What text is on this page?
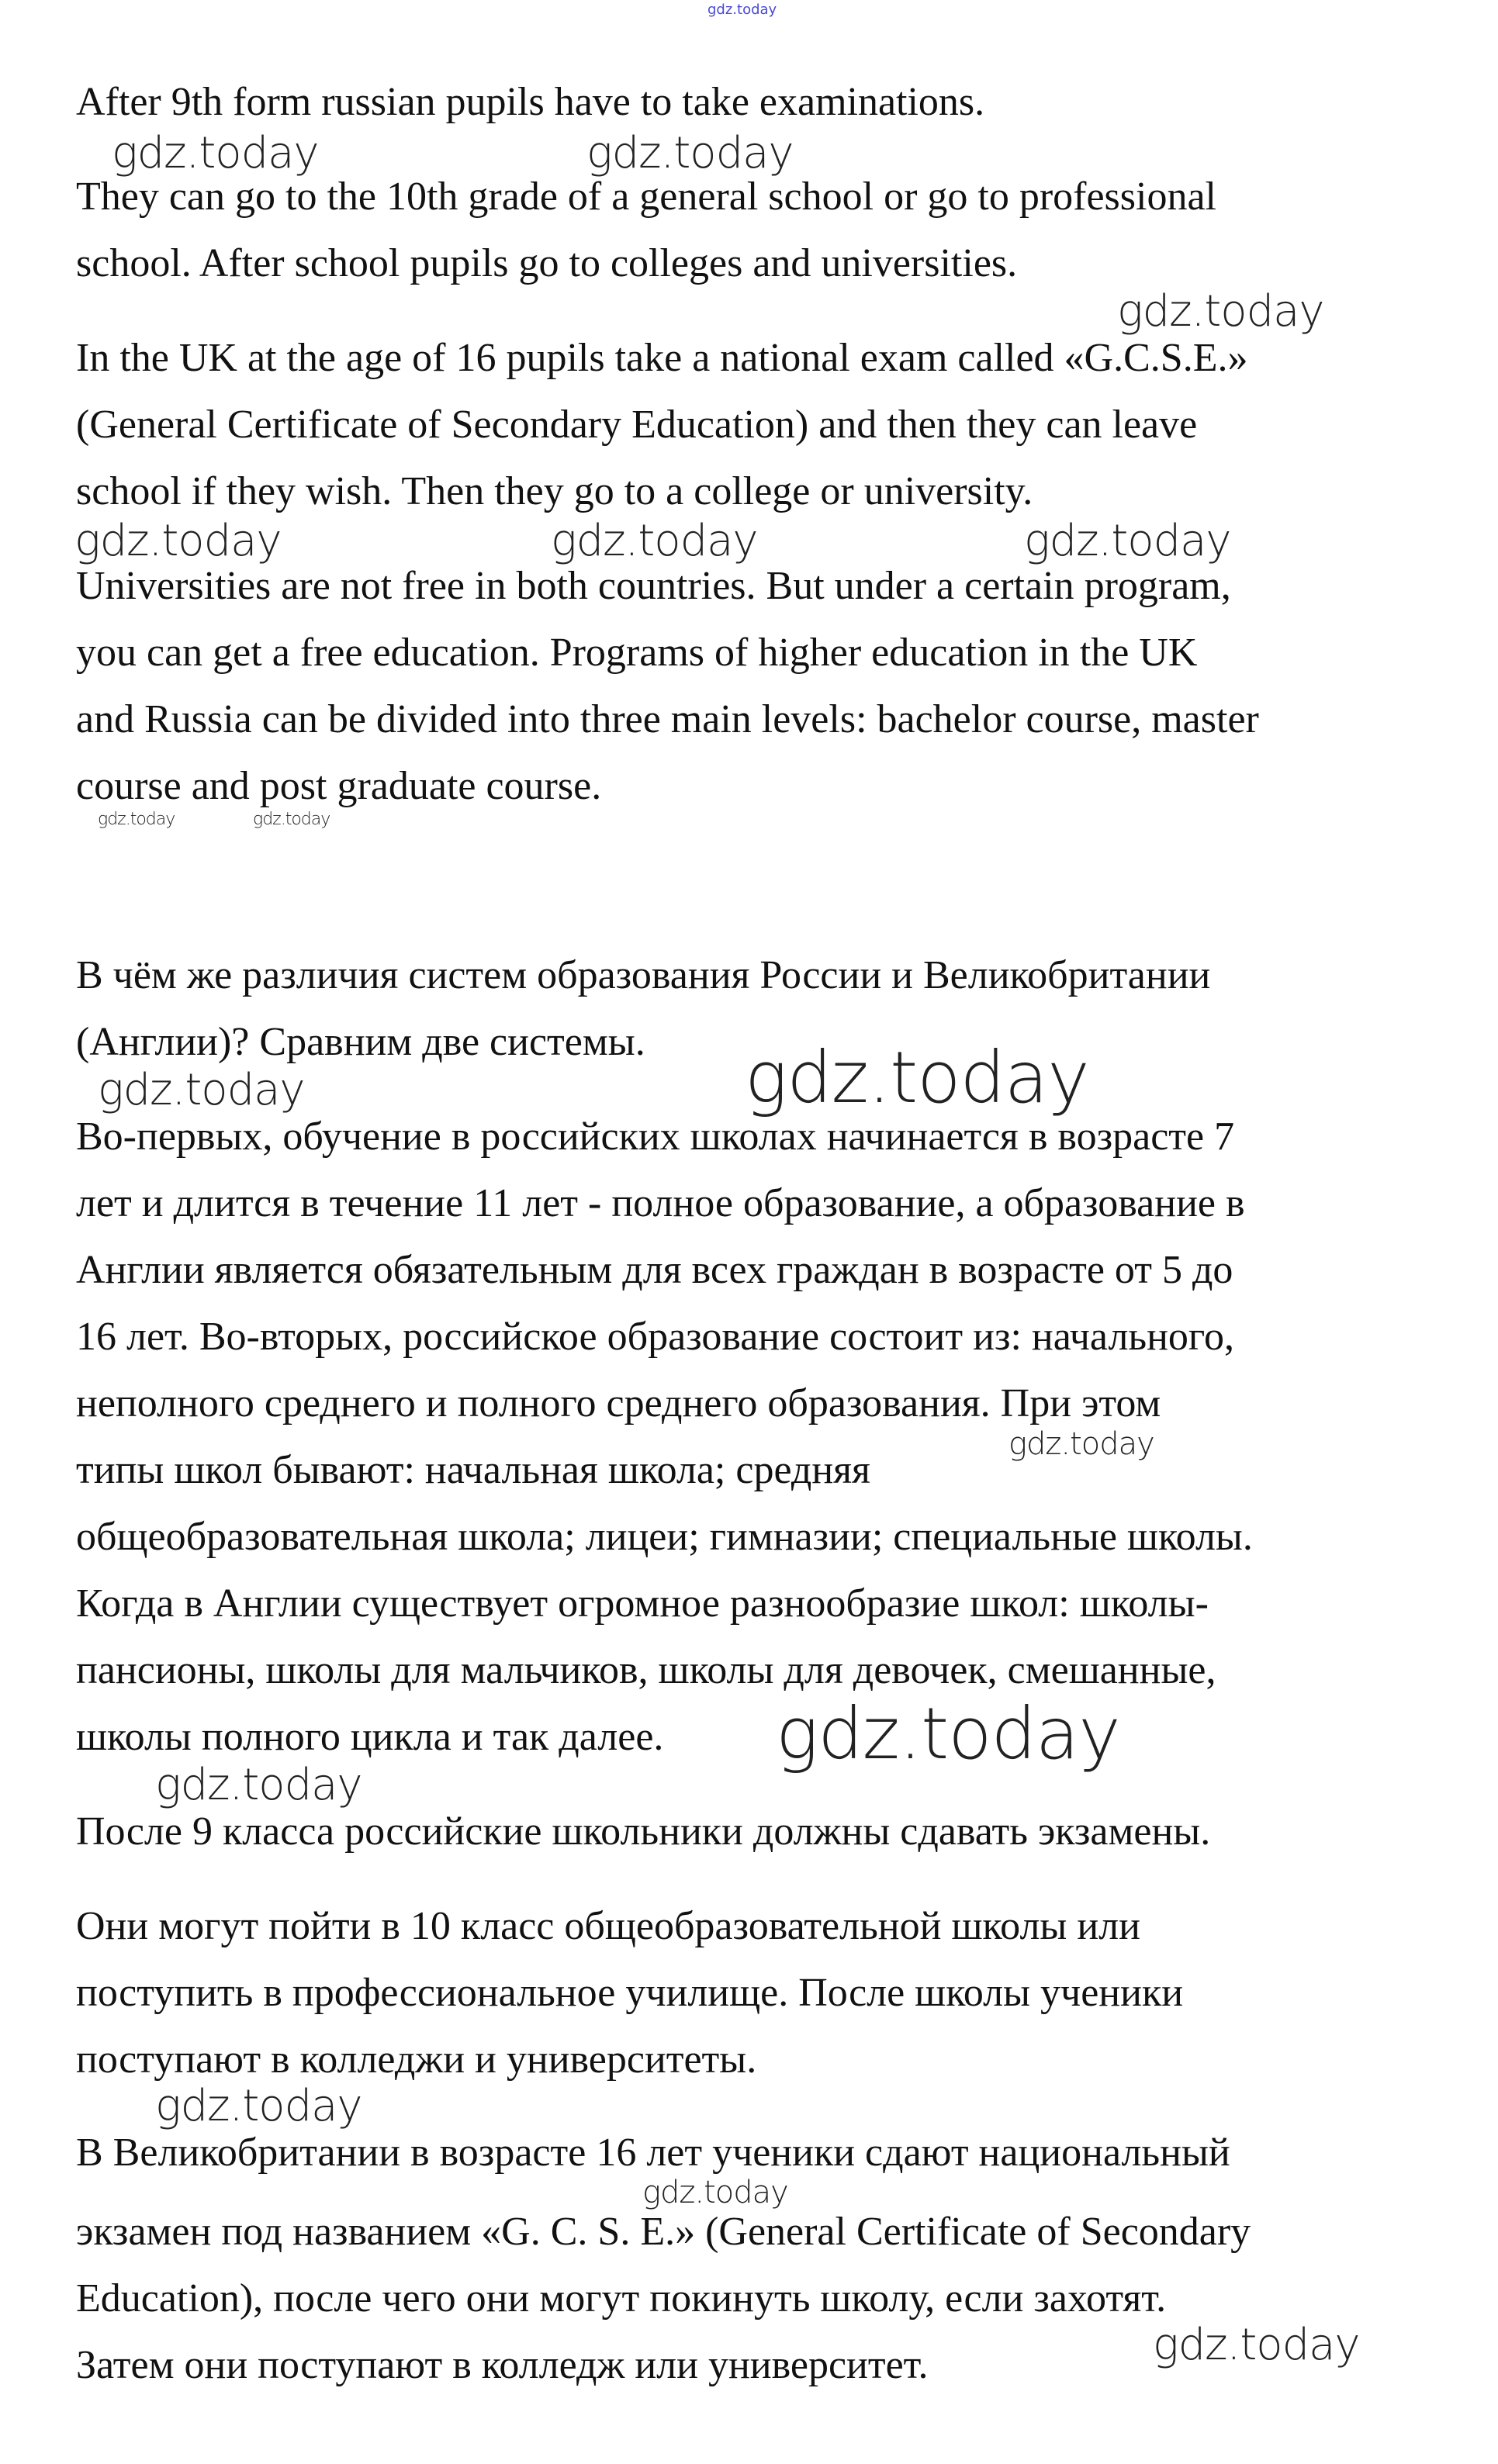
gdz.today
After 9th form russian pupils have to take examinations.
They can go to the 10th grade of a general school or go to professional
school. After school pupils go to colleges and universities.
In the UK at the age of 16 pupils take a national exam called «G.C.S.E.»
(General Certificate of Secondary Education) and then they can leave
school if they wish. Then they go to a college or university.
Universities are not free in both countries. But under a certain program,
you can get a free education. Programs of higher education in the UK
and Russia can be divided into three main levels: bachelor course, master
course and post graduate course.
В чём же различия систем образования России и Великобритании
(Англии)? Сравним две системы.
Во-первых, обучение в российских школах начинается в возрасте 7
лет и длится в течение 11 лет - полное образование, а образование в
Англии является обязательным для всех граждан в возрасте от 5 до
16 лет. Во-вторых, российское образование состоит из: начального,
неполного среднего и полного среднего образования. При этом
типы школ бывают: начальная школа; средняя
общеобразовательная школа; лицеи; гимназии; специальные школы.
Когда в Англии существует огромное разнообразие школ: школы-
пансионы, школы для мальчиков, школы для девочек, смешанные,
школы полного цикла и так далее.
После 9 класса российские школьники должны сдавать экзамены.
Они могут пойти в 10 класс общеобразовательной школы или
поступить в профессиональное училище. После школы ученики
поступают в колледжи и университеты.
В Великобритании в возрасте 16 лет ученики сдают национальный
экзамен под названием «G. C. S. E.» (General Certificate of Secondary
Education), после чего они могут покинуть школу, если захотят.
Затем они поступают в колледж или университет.
gdz.today	gdz.today
gdz.today
gdz.today	gdz.today	gdz.today
gdz.today	gdz.today
gdz.today
gdz.today
gdz.today
gdz.today
gdz.today
gdz.today
gdz.today
gdz.today
